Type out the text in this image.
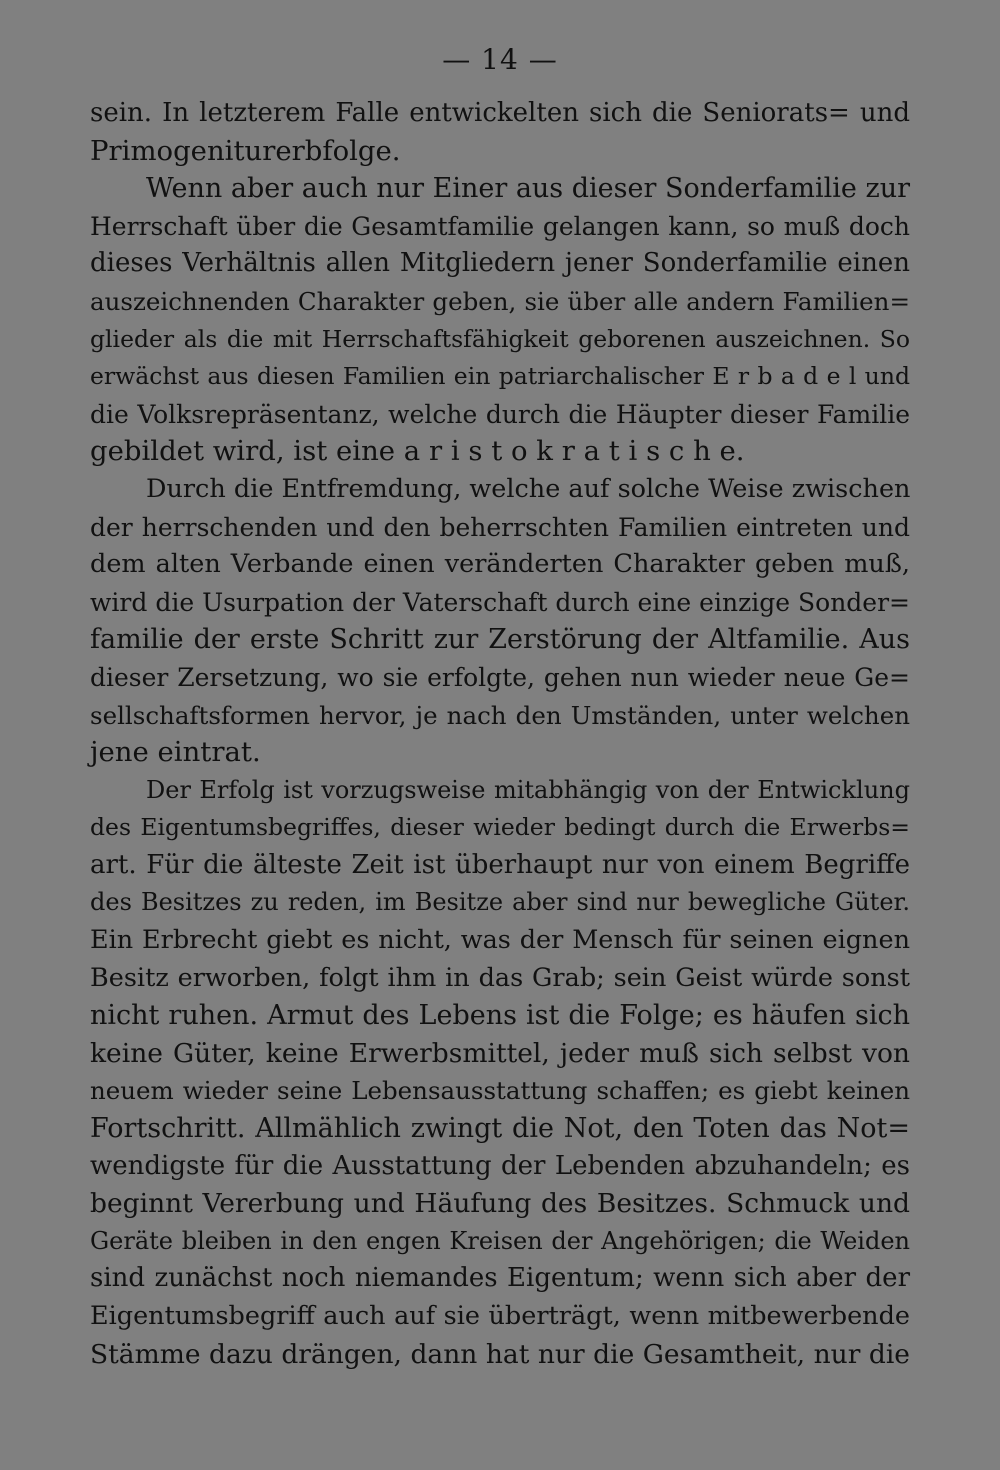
— 14 —
sein. In letzterem Falle entwickelten sich die Seniorats= und
Primogeniturerbfolge.
Wenn aber auch nur Einer aus dieser Sonderfamilie zur
Herrschaft über die Gesamtfamilie gelangen kann, so muß doch
dieses Verhältnis allen Mitgliedern jener Sonderfamilie einen
auszeichnenden Charakter geben, sie über alle andern Familien=
glieder als die mit Herrschaftsfähigkeit geborenen auszeichnen. So
erwächst aus diesen Familien ein patriarchalischer E r b a d e l und
die Volksrepräsentanz, welche durch die Häupter dieser Familie
gebildet wird, ist eine a r i s t o k r a t i s c h e.
Durch die Entfremdung, welche auf solche Weise zwischen
der herrschenden und den beherrschten Familien eintreten und
dem alten Verbande einen veränderten Charakter geben muß,
wird die Usurpation der Vaterschaft durch eine einzige Sonder=
familie der erste Schritt zur Zerstörung der Altfamilie. Aus
dieser Zersetzung, wo sie erfolgte, gehen nun wieder neue Ge=
sellschaftsformen hervor, je nach den Umständen, unter welchen
jene eintrat.
Der Erfolg ist vorzugsweise mitabhängig von der Entwicklung
des Eigentumsbegriffes, dieser wieder bedingt durch die Erwerbs=
art. Für die älteste Zeit ist überhaupt nur von einem Begriffe
des Besitzes zu reden, im Besitze aber sind nur bewegliche Güter.
Ein Erbrecht giebt es nicht, was der Mensch für seinen eignen
Besitz erworben, folgt ihm in das Grab; sein Geist würde sonst
nicht ruhen. Armut des Lebens ist die Folge; es häufen sich
keine Güter, keine Erwerbsmittel, jeder muß sich selbst von
neuem wieder seine Lebensausstattung schaffen; es giebt keinen
Fortschritt. Allmählich zwingt die Not, den Toten das Not=
wendigste für die Ausstattung der Lebenden abzuhandeln; es
beginnt Vererbung und Häufung des Besitzes. Schmuck und
Geräte bleiben in den engen Kreisen der Angehörigen; die Weiden
sind zunächst noch niemandes Eigentum; wenn sich aber der
Eigentumsbegriff auch auf sie überträgt, wenn mitbewerbende
Stämme dazu drängen, dann hat nur die Gesamtheit, nur die
